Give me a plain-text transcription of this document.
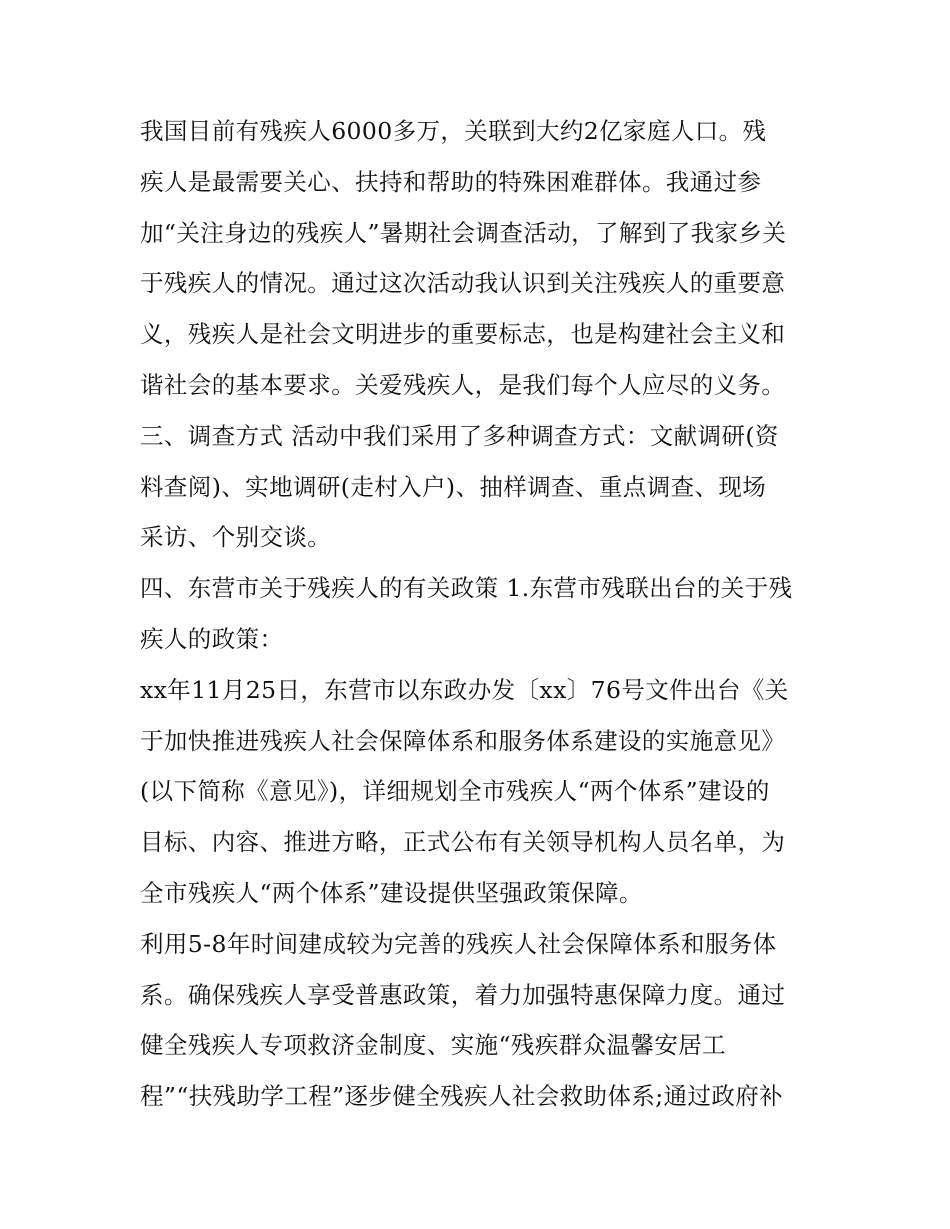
我国目前有残疾人6000多万，关联到大约2亿家庭人口。残
疾人是最需要关心、扶持和帮助的特殊困难群体。我通过参
加“关注身边的残疾人”暑期社会调查活动，了解到了我家乡关
于残疾人的情况。通过这次活动我认识到关注残疾人的重要意
义，残疾人是社会文明进步的重要标志，也是构建社会主义和
谐社会的基本要求。关爱残疾人，是我们每个人应尽的义务。
三、调查方式 活动中我们采用了多种调查方式：文献调研(资
料查阅)、实地调研(走村入户)、抽样调查、重点调查、现场
采访、个别交谈。
四、东营市关于残疾人的有关政策 1.东营市残联出台的关于残
疾人的政策：
xx年11月25日，东营市以东政办发〔xx〕76号文件出台《关
于加快推进残疾人社会保障体系和服务体系建设的实施意见》
(以下简称《意见》)，详细规划全市残疾人“两个体系”建设的
目标、内容、推进方略，正式公布有关领导机构人员名单，为
全市残疾人“两个体系”建设提供坚强政策保障。
利用5-8年时间建成较为完善的残疾人社会保障体系和服务体
系。确保残疾人享受普惠政策，着力加强特惠保障力度。通过
健全残疾人专项救济金制度、实施“残疾群众温馨安居工
程”“扶残助学工程”逐步健全残疾人社会救助体系;通过政府补
